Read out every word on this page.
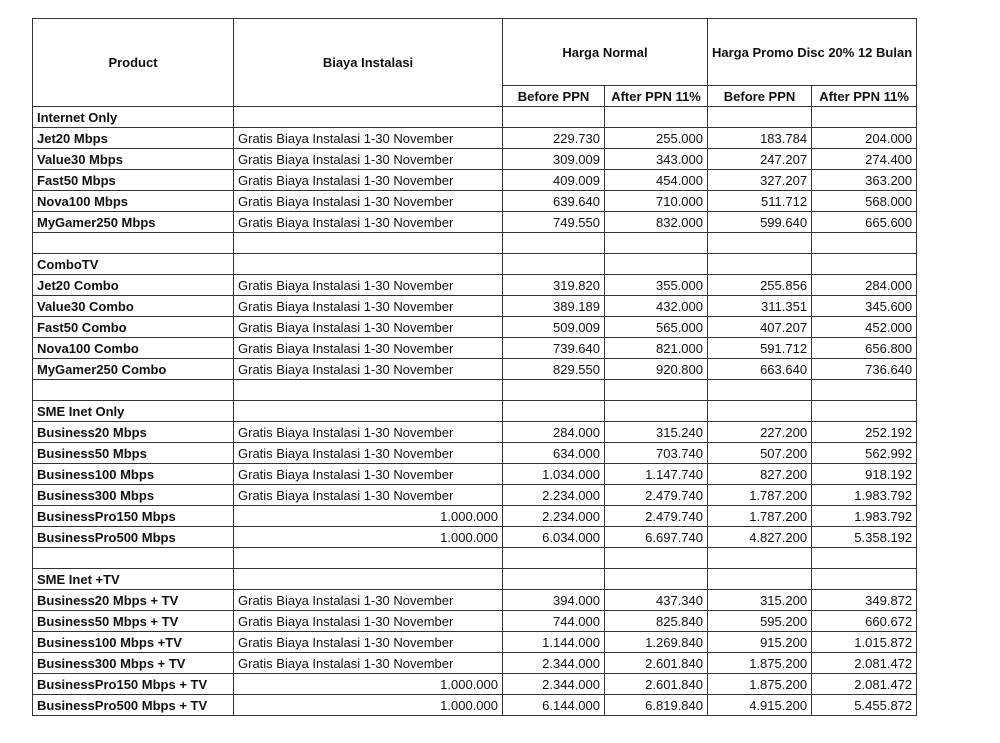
Product	Biaya Instalasi	Harga Normal		Harga Promo Disc 20% 12 Bulan	
		Before PPN	After PPN 11%	Before PPN	After PPN 11%
Internet Only					
Jet20 Mbps	Gratis Biaya Instalasi 1-30 November	229.730	255.000	183.784	204.000
Value30 Mbps	Gratis Biaya Instalasi 1-30 November	309.009	343.000	247.207	274.400
Fast50 Mbps	Gratis Biaya Instalasi 1-30 November	409.009	454.000	327.207	363.200
Nova100 Mbps	Gratis Biaya Instalasi 1-30 November	639.640	710.000	511.712	568.000
MyGamer250 Mbps	Gratis Biaya Instalasi 1-30 November	749.550	832.000	599.640	665.600

ComboTV					
Jet20 Combo	Gratis Biaya Instalasi 1-30 November	319.820	355.000	255.856	284.000
Value30 Combo	Gratis Biaya Instalasi 1-30 November	389.189	432.000	311.351	345.600
Fast50 Combo	Gratis Biaya Instalasi 1-30 November	509.009	565.000	407.207	452.000
Nova100 Combo	Gratis Biaya Instalasi 1-30 November	739.640	821.000	591.712	656.800
MyGamer250 Combo	Gratis Biaya Instalasi 1-30 November	829.550	920.800	663.640	736.640

SME Inet Only					
Business20 Mbps	Gratis Biaya Instalasi 1-30 November	284.000	315.240	227.200	252.192
Business50 Mbps	Gratis Biaya Instalasi 1-30 November	634.000	703.740	507.200	562.992
Business100 Mbps	Gratis Biaya Instalasi 1-30 November	1.034.000	1.147.740	827.200	918.192
Business300 Mbps	Gratis Biaya Instalasi 1-30 November	2.234.000	2.479.740	1.787.200	1.983.792
BusinessPro150 Mbps	1.000.000	2.234.000	2.479.740	1.787.200	1.983.792
BusinessPro500 Mbps	1.000.000	6.034.000	6.697.740	4.827.200	5.358.192

SME Inet +TV					
Business20 Mbps + TV	Gratis Biaya Instalasi 1-30 November	394.000	437.340	315.200	349.872
Business50 Mbps + TV	Gratis Biaya Instalasi 1-30 November	744.000	825.840	595.200	660.672
Business100 Mbps +TV	Gratis Biaya Instalasi 1-30 November	1.144.000	1.269.840	915.200	1.015.872
Business300 Mbps + TV	Gratis Biaya Instalasi 1-30 November	2.344.000	2.601.840	1.875.200	2.081.472
BusinessPro150 Mbps + TV	1.000.000	2.344.000	2.601.840	1.875.200	2.081.472
BusinessPro500 Mbps + TV	1.000.000	6.144.000	6.819.840	4.915.200	5.455.872
